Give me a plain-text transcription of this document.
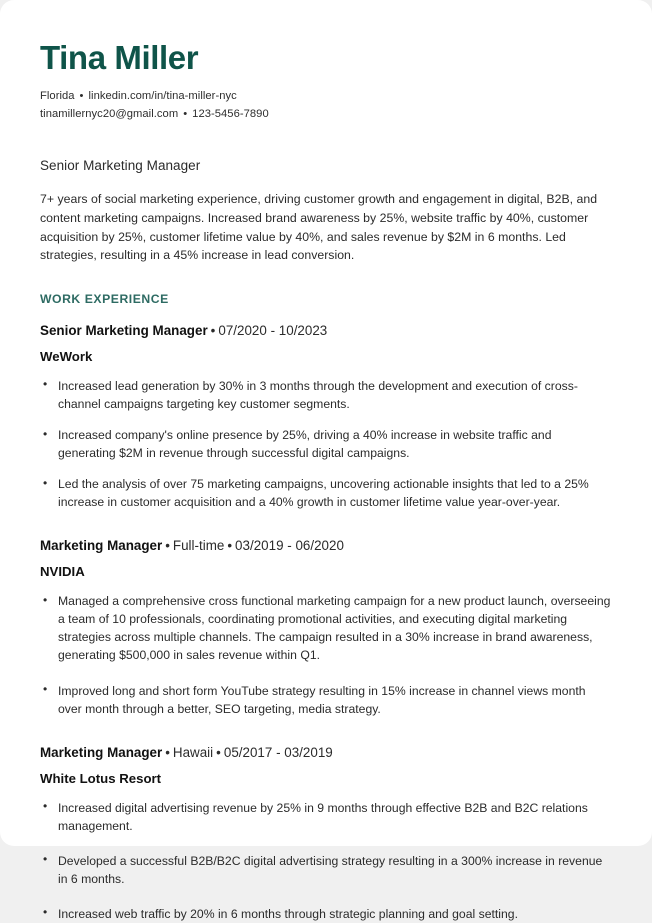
Tina Miller
Florida • linkedin.com/in/tina-miller-nyc
tinamillernyc20@gmail.com • 123-5456-7890
Senior Marketing Manager

7+ years of social marketing experience, driving customer growth and engagement in digital, B2B, and content marketing campaigns. Increased brand awareness by 25%, website traffic by 40%, customer acquisition by 25%, customer lifetime value by 40%, and sales revenue by $2M in 6 months. Led strategies, resulting in a 45% increase in lead conversion.

WORK EXPERIENCE
Senior Marketing Manager • 07/2020 - 10/2023
WeWork
• Increased lead generation by 30% in 3 months through the development and execution of cross-channel campaigns targeting key customer segments.
• Increased company's online presence by 25%, driving a 40% increase in website traffic and generating $2M in revenue through successful digital campaigns.
• Led the analysis of over 75 marketing campaigns, uncovering actionable insights that led to a 25% increase in customer acquisition and a 40% growth in customer lifetime value year-over-year.
Marketing Manager • Full-time • 03/2019 - 06/2020
NVIDIA
• Managed a comprehensive cross functional marketing campaign for a new product launch, overseeing a team of 10 professionals, coordinating promotional activities, and executing digital marketing strategies across multiple channels. The campaign resulted in a 30% increase in brand awareness, generating $500,000 in sales revenue within Q1.
• Improved long and short form YouTube strategy resulting in 15% increase in channel views month over month through a better, SEO targeting, media strategy.
Marketing Manager • Hawaii • 05/2017 - 03/2019
White Lotus Resort
• Increased digital advertising revenue by 25% in 9 months through effective B2B and B2C relations management.
• Developed a successful B2B/B2C digital advertising strategy resulting in a 300% increase in revenue in 6 months.
• Increased web traffic by 20% in 6 months through strategic planning and goal setting.
